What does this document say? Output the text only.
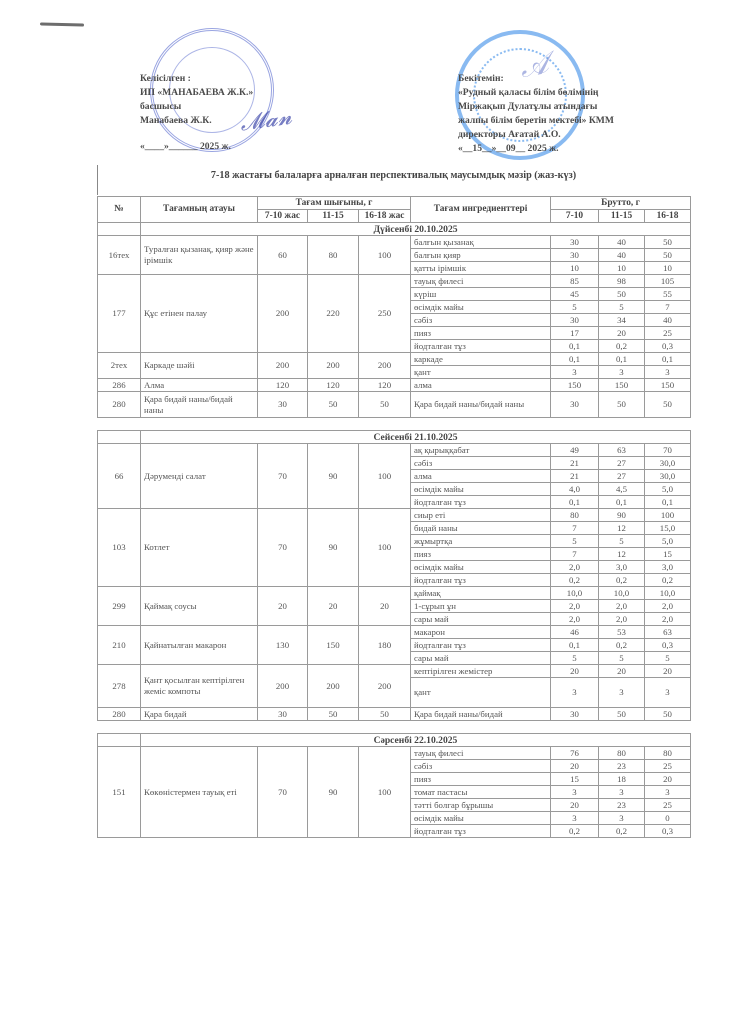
Келісілген :
ИП «МАНАБАЕВА Ж.К.»
басшысы
Манабаева Ж.К.
«____»______ 2025 ж.
𝓜𝓪𝓷
Бекітемін:
«Рудный қаласы білім бөлімінің
Міржақып Дулатұлы атындағы
жалпы білім беретін мектебі» КММ
директоры Ағатай А.О.
«__15__»__09__ 2025 ж.
𝒜
7-18 жастағы балаларға арналған перспективалық маусымдық мәзір (жаз-күз)
№	Тағамның атауы	Тағам шығыны, г			Тағам ингредиенттері	Брутто, г		
		7-10 жас	11-15	16-18 жас		7-10	11-15	16-18
	Дүйсенбі 20.10.2025							
16тех	Туралған қызанақ, қияр және ірімшік	60	80	100	балғын қызанақ	30	40	50
					балғын қияр	30	40	50
					қатты ірімшік	10	10	10
177	Құс етінен палау	200	220	250	тауық филесі	85	98	105
					күріш	45	50	55
					өсімдік майы	5	5	7
					сәбіз	30	34	40
					пияз	17	20	25
					йодталған тұз	0,1	0,2	0,3
2тех	Каркаде шәйі	200	200	200	каркаде	0,1	0,1	0,1
					қант	3	3	3
286	Алма	120	120	120	алма	150	150	150
280	Қара бидай наны/бидай наны	30	50	50	Қара бидай наны/бидай наны	30	50	50

	Сейсенбі 21.10.2025							
66	Дәруменді салат	70	90	100	ақ қырыққабат	49	63	70
					сәбіз	21	27	30,0
					алма	21	27	30,0
					өсімдік майы	4,0	4,5	5,0
					йодталған тұз	0,1	0,1	0,1
103	Котлет	70	90	100	сиыр еті	80	90	100
					бидай наны	7	12	15,0
					жұмыртқа	5	5	5,0
					пияз	7	12	15
					өсімдік майы	2,0	3,0	3,0
					йодталған тұз	0,2	0,2	0,2
299	Қаймақ соусы	20	20	20	қаймақ	10,0	10,0	10,0
					1-сұрып ұн	2,0	2,0	2,0
					сары май	2,0	2,0	2,0
210	Қайнатылған макарон	130	150	180	макарон	46	53	63
					йодталған тұз	0,1	0,2	0,3
					сары май	5	5	5
278	Қант қосылған кептірілген жеміс компоты	200	200	200	кептірілген жемістер	20	20	20
					қант	3	3	3
280	Қара бидай	30	50	50	Қара бидай наны/бидай	30	50	50

	Сәрсенбі 22.10.2025							
151	Көкөністермен тауық еті	70	90	100	тауық филесі	76	80	80
					сәбіз	20	23	25
					пияз	15	18	20
					томат пастасы	3	3	3
					тәтті болгар бұрышы	20	23	25
					өсімдік майы	3	3	0
					йодталған тұз	0,2	0,2	0,3
